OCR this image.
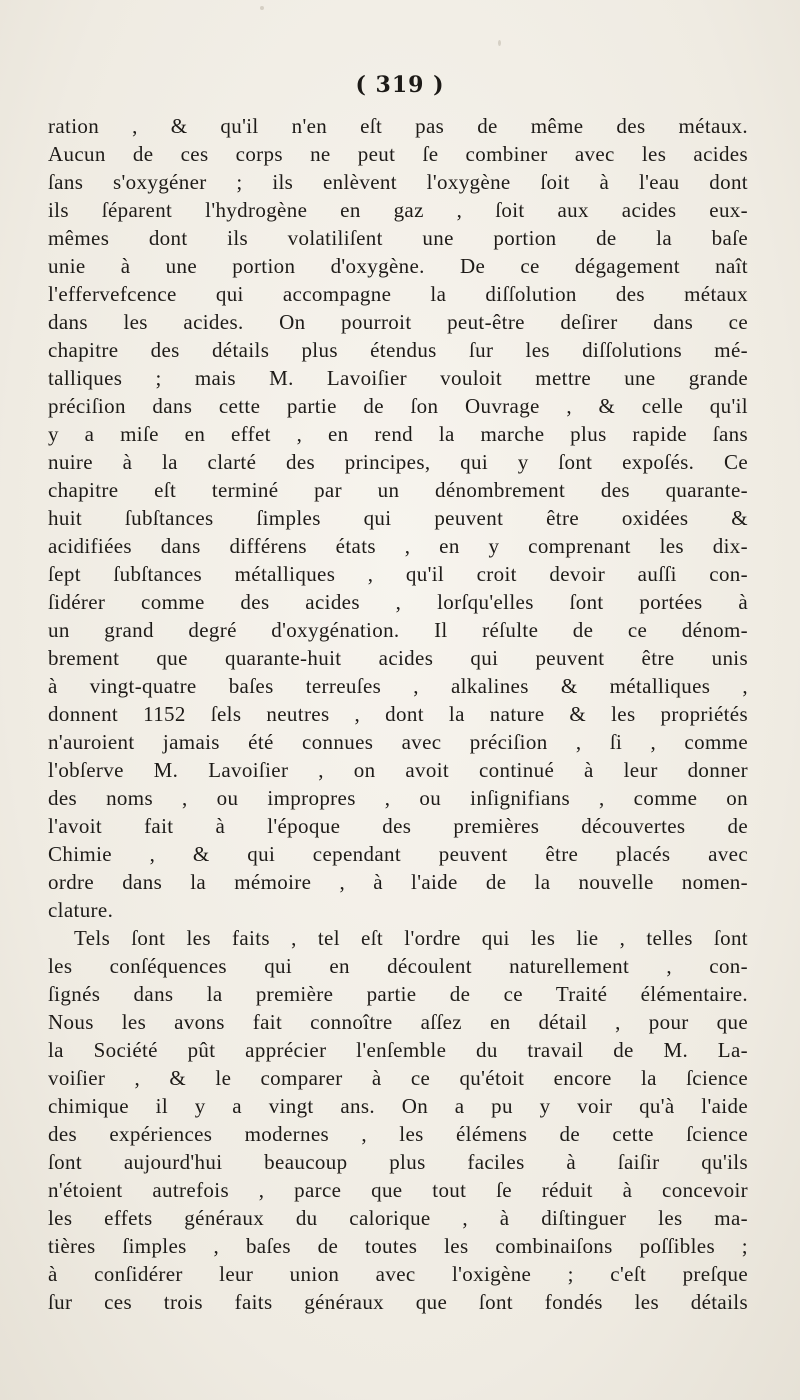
( 319 )
ration , & qu'il n'en eſt pas de même des métaux.
Aucun de ces corps ne peut ſe combiner avec les acides
ſans s'oxygéner ; ils enlèvent l'oxygène ſoit à l'eau dont
ils ſéparent l'hydrogène en gaz , ſoit aux acides eux-
mêmes dont ils volatiliſent une portion de la baſe
unie à une portion d'oxygène. De ce dégagement naît
l'effervefcence qui accompagne la diſſolution des métaux
dans les acides. On pourroit peut-être deſirer dans ce
chapitre des détails plus étendus ſur les diſſolutions mé-
talliques ; mais M. Lavoiſier vouloit mettre une grande
préciſion dans cette partie de ſon Ouvrage , & celle qu'il
y a miſe en effet , en rend la marche plus rapide ſans
nuire à la clarté des principes, qui y ſont expoſés. Ce
chapitre eſt terminé par un dénombrement des quarante-
huit ſubſtances ſimples qui peuvent être oxidées &
acidifiées dans différens états , en y comprenant les dix-
ſept ſubſtances métalliques , qu'il croit devoir auſſi con-
ſidérer comme des acides , lorſqu'elles ſont portées à
un grand degré d'oxygénation. Il réſulte de ce dénom-
brement que quarante-huit acides qui peuvent être unis
à vingt-quatre baſes terreuſes , alkalines & métalliques ,
donnent 1152 ſels neutres , dont la nature & les propriétés
n'auroient jamais été connues avec préciſion , ſi , comme
l'obſerve M. Lavoiſier , on avoit continué à leur donner
des noms , ou impropres , ou inſignifians , comme on
l'avoit fait à l'époque des premières découvertes de
Chimie , & qui cependant peuvent être placés avec
ordre dans la mémoire , à l'aide de la nouvelle nomen-
clature.
Tels ſont les faits , tel eſt l'ordre qui les lie , telles ſont
les conſéquences qui en découlent naturellement , con-
ſignés dans la première partie de ce Traité élémentaire.
Nous les avons fait connoître aſſez en détail , pour que
la Société pût apprécier l'enſemble du travail de M. La-
voiſier , & le comparer à ce qu'étoit encore la ſcience
chimique il y a vingt ans. On a pu y voir qu'à l'aide
des expériences modernes , les élémens de cette ſcience
ſont aujourd'hui beaucoup plus faciles à ſaiſir qu'ils
n'étoient autrefois , parce que tout ſe réduit à concevoir
les effets généraux du calorique , à diſtinguer les ma-
tières ſimples , baſes de toutes les combinaiſons poſſibles ;
à conſidérer leur union avec l'oxigène ; c'eſt preſque
ſur ces trois faits généraux que ſont fondés les détails
